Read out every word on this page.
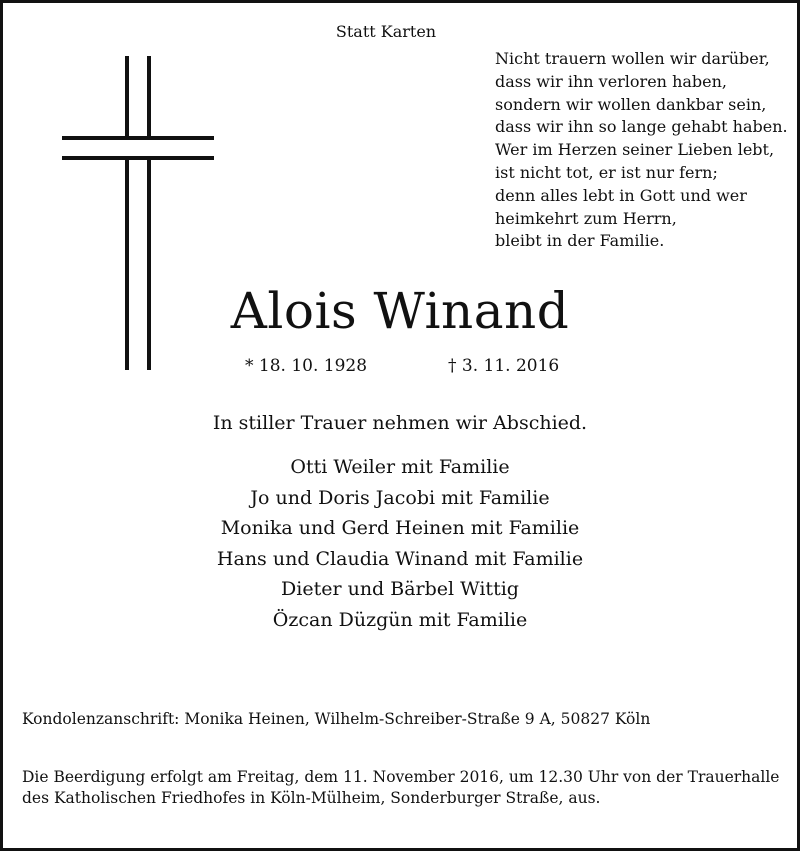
Statt Karten
Nicht trauern wollen wir darüber,
dass wir ihn verloren haben,
sondern wir wollen dankbar sein,
dass wir ihn so lange gehabt haben.
Wer im Herzen seiner Lieben lebt,
ist nicht tot, er ist nur fern;
denn alles lebt in Gott und wer
heimkehrt zum Herrn,
bleibt in der Familie.
Alois Winand
* 18. 10. 1928	† 3. 11. 2016
In stiller Trauer nehmen wir Abschied.
Otti Weiler mit Familie
Jo und Doris Jacobi mit Familie
Monika und Gerd Heinen mit Familie
Hans und Claudia Winand mit Familie
Dieter und Bärbel Wittig
Özcan Düzgün mit Familie
Kondolenzanschrift: Monika Heinen, Wilhelm-Schreiber-Straße 9 A, 50827 Köln
Die Beerdigung erfolgt am Freitag, dem 11. November 2016, um 12.30 Uhr von der Trauerhalle
des Katholischen Friedhofes in Köln-Mülheim, Sonderburger Straße, aus.
